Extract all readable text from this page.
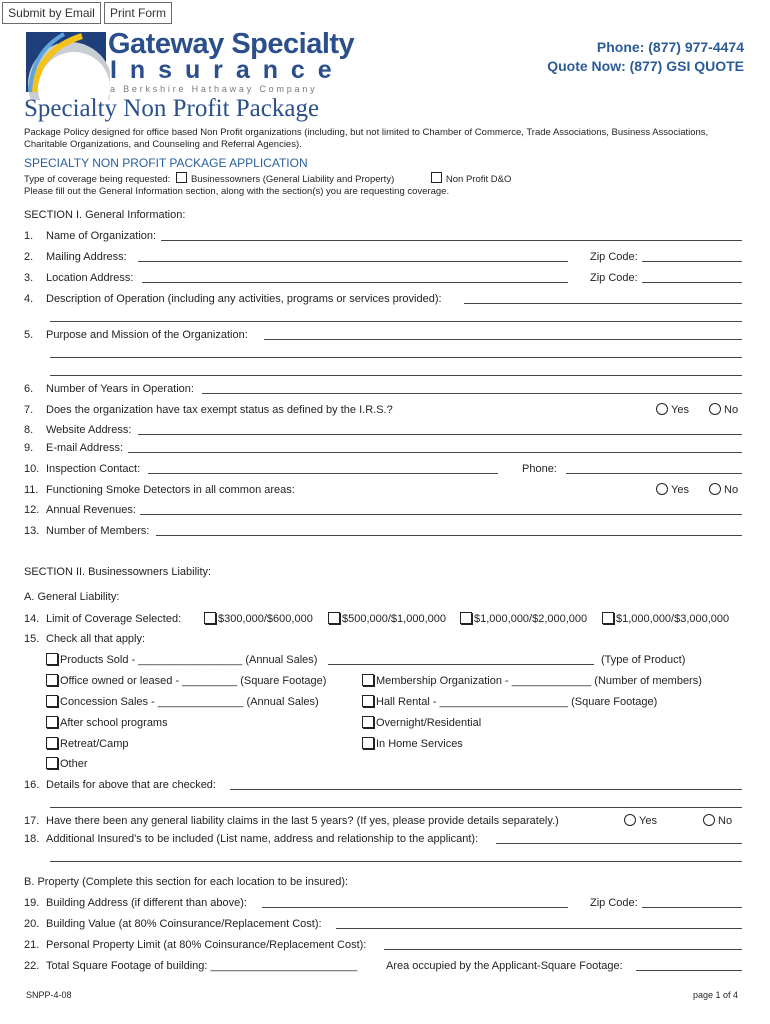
Submit by Email	Print Form
Gateway Specialty
I n s u r a n c e
a Berkshire Hathaway Company
Phone: (877) 977-4474
Quote Now: (877) GSI QUOTE
Specialty Non Profit Package
Package Policy designed for office based Non Profit organizations (including, but not limited to Chamber of Commerce, Trade Associations, Business Associations, Charitable Organizations, and Counseling and Referral Agencies).
SPECIALTY NON PROFIT PACKAGE APPLICATION
Type of coverage being requested: Businessowners (General Liability and Property)	Non Profit D&O
Please fill out the General Information section, along with the section(s) you are requesting coverage.
SECTION I. General Information:
1.	Name of Organization:
2.	Mailing Address:	Zip Code:
3.	Location Address:	Zip Code:
4.	Description of Operation (including any activities, programs or services provided):
5.	Purpose and Mission of the Organization:
6.	Number of Years in Operation:
7.	Does the organization have tax exempt status as defined by the I.R.S.?	Yes	No
8.	Website Address:
9.	E-mail Address:
10. Inspection Contact:	Phone:
11. Functioning Smoke Detectors in all common areas:	Yes	No
12. Annual Revenues:
13. Number of Members:
SECTION II. Businessowners Liability:
A. General Liability:
14. Limit of Coverage Selected:	$300,000/$600,000	$500,000/$1,000,000	$1,000,000/$2,000,000	$1,000,000/$3,000,000
15. Check all that apply:
Products Sold - _________________ (Annual Sales)	(Type of Product)
Office owned or leased - _________ (Square Footage)	Membership Organization - _____________ (Number of members)
Concession Sales - ______________ (Annual Sales)	Hall Rental - _____________________ (Square Footage)
After school programs	Overnight/Residential
Retreat/Camp	In Home Services
Other
16. Details for above that are checked:
17. Have there been any general liability claims in the last 5 years? (If yes, please provide details separately.)	Yes	No
18. Additional Insured’s to be included (List name, address and relationship to the applicant):
B. Property (Complete this section for each location to be insured):
19. Building Address (if different than above):	Zip Code:
20. Building Value (at 80% Coinsurance/Replacement Cost):
21. Personal Property Limit (at 80% Coinsurance/Replacement Cost):
22. Total Square Footage of building: ________________________	Area occupied by the Applicant-Square Footage:
SNPP-4-08	page 1 of 4
